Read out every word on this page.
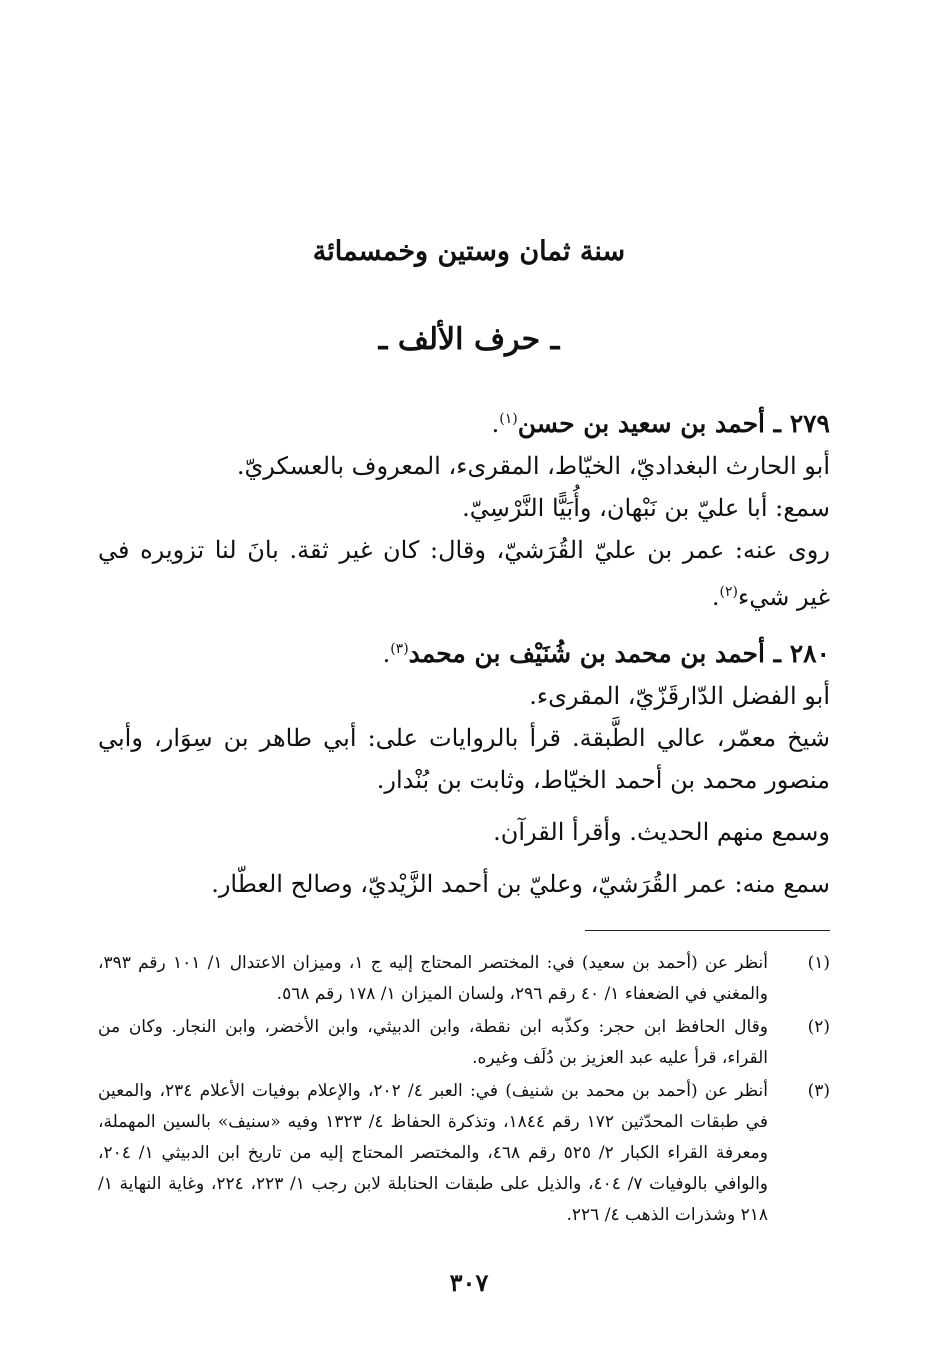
سنة ثمان وستين وخمسمائة
ـ حرف الألف ـ

٢٧٩ ـ أحمد بن سعيد بن حسن$^{(١)}$.

أبو الحارث البغداديّ، الخيّاط، المقرىء، المعروف بالعسكريّ.

سمع: أبا عليّ بن نَبْهان، وأُبَيًّا النَّرْسِيّ.

روى عنه: عمر بن عليّ القُرَشيّ، وقال: كان غير ثقة. بانَ لنا تزويره في غير شيء$^{(٢)}$.

٢٨٠ ـ أحمد بن محمد بن شُنَيْف بن محمد$^{(٣)}$.

أبو الفضل الدّارقَزّيّ، المقرىء.

شيخ معمّر، عالي الطَّبقة. قرأ بالروايات على: أبي طاهر بن سِوَار، وأبي منصور محمد بن أحمد الخيّاط، وثابت بن بُنْدار.

وسمع منهم الحديث. وأقرأ القرآن.

سمع منه: عمر القُرَشيّ، وعليّ بن أحمد الزَّيْديّ، وصالح العطّار.

(١)
أنظر عن (أحمد بن سعيد) في: المختصر المحتاج إليه ج ١، وميزان الاعتدال ١/ ١٠١ رقم ٣٩٣، والمغني في الضعفاء ١/ ٤٠ رقم ٢٩٦، ولسان الميزان ١/ ١٧٨ رقم ٥٦٨.
(٢)
وقال الحافظ ابن حجر: وكذّبه ابن نقطة، وابن الدبيثي، وابن الأخضر، وابن النجار. وكان من القراء، قرأ عليه عبد العزيز بن دُلَف وغيره.
(٣)
أنظر عن (أحمد بن محمد بن شنيف) في: العبر ٤/ ٢٠٢، والإعلام بوفيات الأعلام ٢٣٤، والمعين في طبقات المحدّثين ١٧٢ رقم ١٨٤٤، وتذكرة الحفاظ ٤/ ١٣٢٣ وفيه «سنيف» بالسين المهملة، ومعرفة القراء الكبار ٢/ ٥٢٥ رقم ٤٦٨، والمختصر المحتاج إليه من تاريخ ابن الدبيثي ١/ ٢٠٤، والوافي بالوفيات ٧/ ٤٠٤، والذيل على طبقات الحنابلة لابن رجب ١/ ٢٢٣، ٢٢٤، وغاية النهاية ١/ ٢١٨ وشذرات الذهب ٤/ ٢٢٦.
٣٠٧
